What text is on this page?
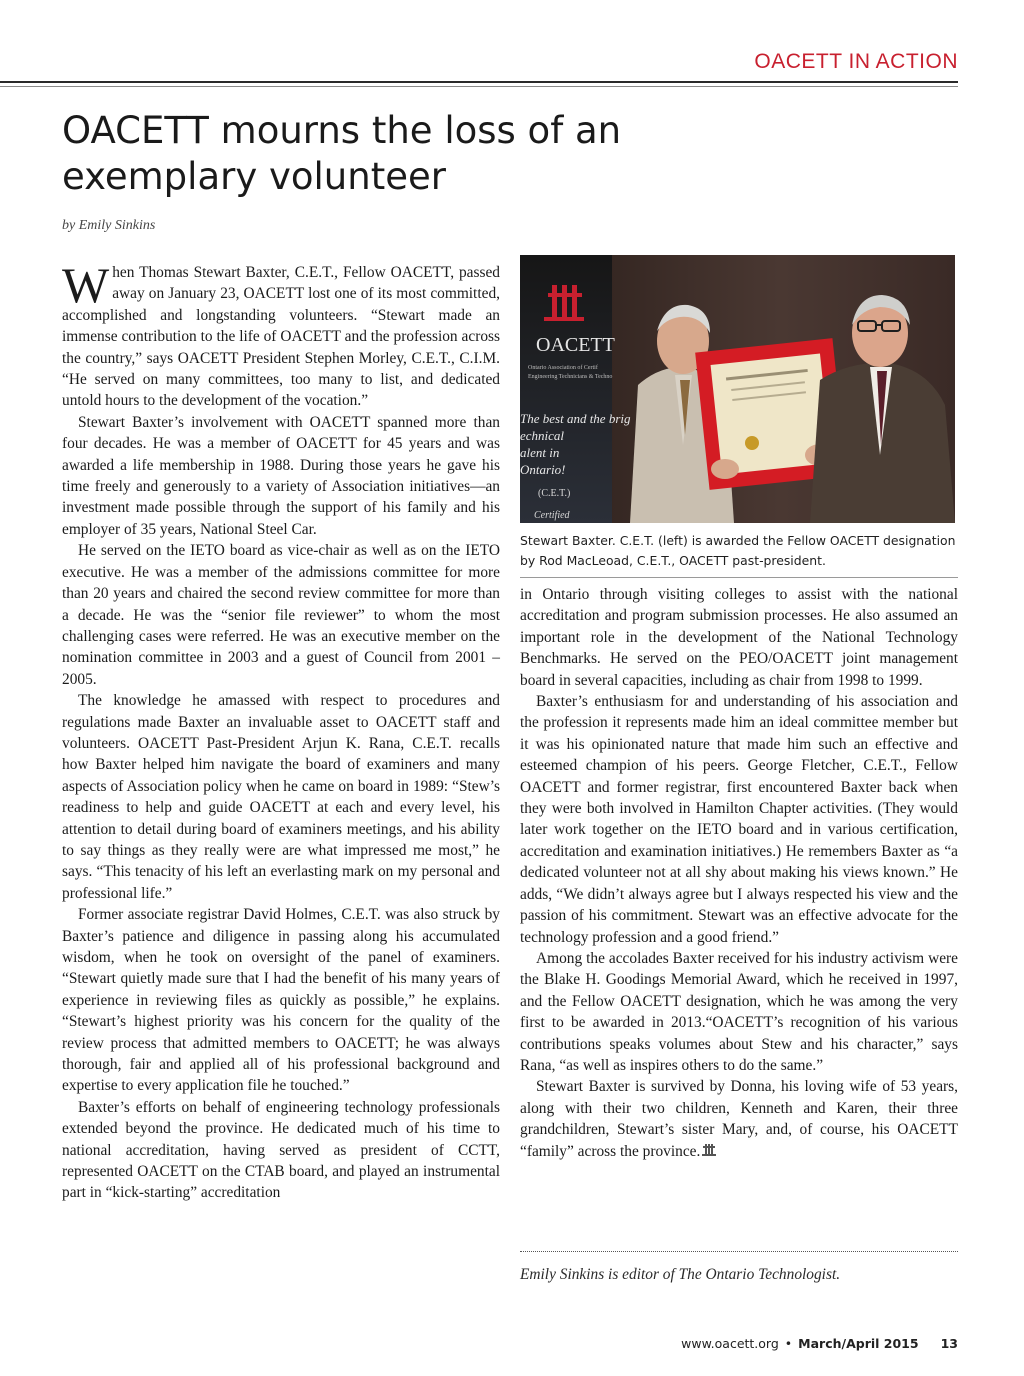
OACETT IN ACTION
OACETT mourns the loss of an exemplary volunteer
by Emily Sinkins

When Thomas Stewart Baxter, C.E.T., Fellow OACETT, passed away on January 23, OACETT lost one of its most committed, accomplished and longstanding volunteers. “Stewart made an immense contribution to the life of OACETT and the profession across the country,” says OACETT President Stephen Morley, C.E.T., C.I.M. “He served on many committees, too many to list, and dedicated untold hours to the development of the vocation.”

Stewart Baxter’s involvement with OACETT spanned more than four decades. He was a member of OACETT for 45 years and was awarded a life membership in 1988. During those years he gave his time freely and generously to a variety of Association initiatives—an investment made possible through the support of his family and his employer of 35 years, National Steel Car.

He served on the IETO board as vice-chair as well as on the IETO executive. He was a member of the admissions committee for more than 20 years and chaired the second review committee for more than a decade. He was the “senior file reviewer” to whom the most challenging cases were referred. He was an executive member on the nomination committee in 2003 and a guest of Council from 2001 – 2005.

The knowledge he amassed with respect to procedures and regulations made Baxter an invaluable asset to OACETT staff and volunteers. OACETT Past-President Arjun K. Rana, C.E.T. recalls how Baxter helped him navigate the board of examiners and many aspects of Association policy when he came on board in 1989: “Stew’s readiness to help and guide OACETT at each and every level, his attention to detail during board of examiners meetings, and his ability to say things as they really were are what impressed me most,” he says. “This tenacity of his left an everlasting mark on my personal and professional life.”

Former associate registrar David Holmes, C.E.T. was also struck by Baxter’s patience and diligence in passing along his accumulated wisdom, when he took on oversight of the panel of examiners. “Stewart quietly made sure that I had the benefit of his many years of experience in reviewing files as quickly as possible,” he explains. “Stewart’s highest priority was his concern for the quality of the review process that admitted members to OACETT; he was always thorough, fair and applied all of his professional background and expertise to every application file he touched.”

Baxter’s efforts on behalf of engineering technology professionals extended beyond the province. He dedicated much of his time to national accreditation, having served as president of CCTT, represented OACETT on the CTAB board, and played an instrumental part in “kick-starting” accreditation

OACETT
Ontario Association of Certif
Engineering Technicians & Techno
The best and the brig
echnical
alent in
Ontario!
(C.E.T.)
Certified
Stewart Baxter. C.E.T. (left) is awarded the Fellow OACETT designation by Rod MacLeoad, C.E.T., OACETT past-president.

in Ontario through visiting colleges to assist with the national accreditation and program submission processes. He also assumed an important role in the development of the National Technology Benchmarks. He served on the PEO/OACETT joint management board in several capacities, including as chair from 1998 to 1999.

Baxter’s enthusiasm for and understanding of his association and the profession it represents made him an ideal committee member but it was his opinionated nature that made him such an effective and esteemed champion of his peers. George Fletcher, C.E.T., Fellow OACETT and former registrar, first encountered Baxter back when they were both involved in Hamilton Chapter activities. (They would later work together on the IETO board and in various certification, accreditation and examination initiatives.) He remembers Baxter as “a dedicated volunteer not at all shy about making his views known.” He adds, “We didn’t always agree but I always respected his view and the passion of his commitment. Stewart was an effective advocate for the technology profession and a good friend.”

Among the accolades Baxter received for his industry activism were the Blake H. Goodings Memorial Award, which he received in 1997, and the Fellow OACETT designation, which he was among the very first to be awarded in 2013.“OACETT’s recognition of his various contributions speaks volumes about Stew and his character,” says Rana, “as well as inspires others to do the same.”

Stewart Baxter is survived by Donna, his loving wife of 53 years, along with their two children, Kenneth and Karen, their three grandchildren, Stewart’s sister Mary, and, of course, his OACETT “family” across the province.

Emily Sinkins is editor of The Ontario Technologist.
www.oacett.org • March/April 2015 13
